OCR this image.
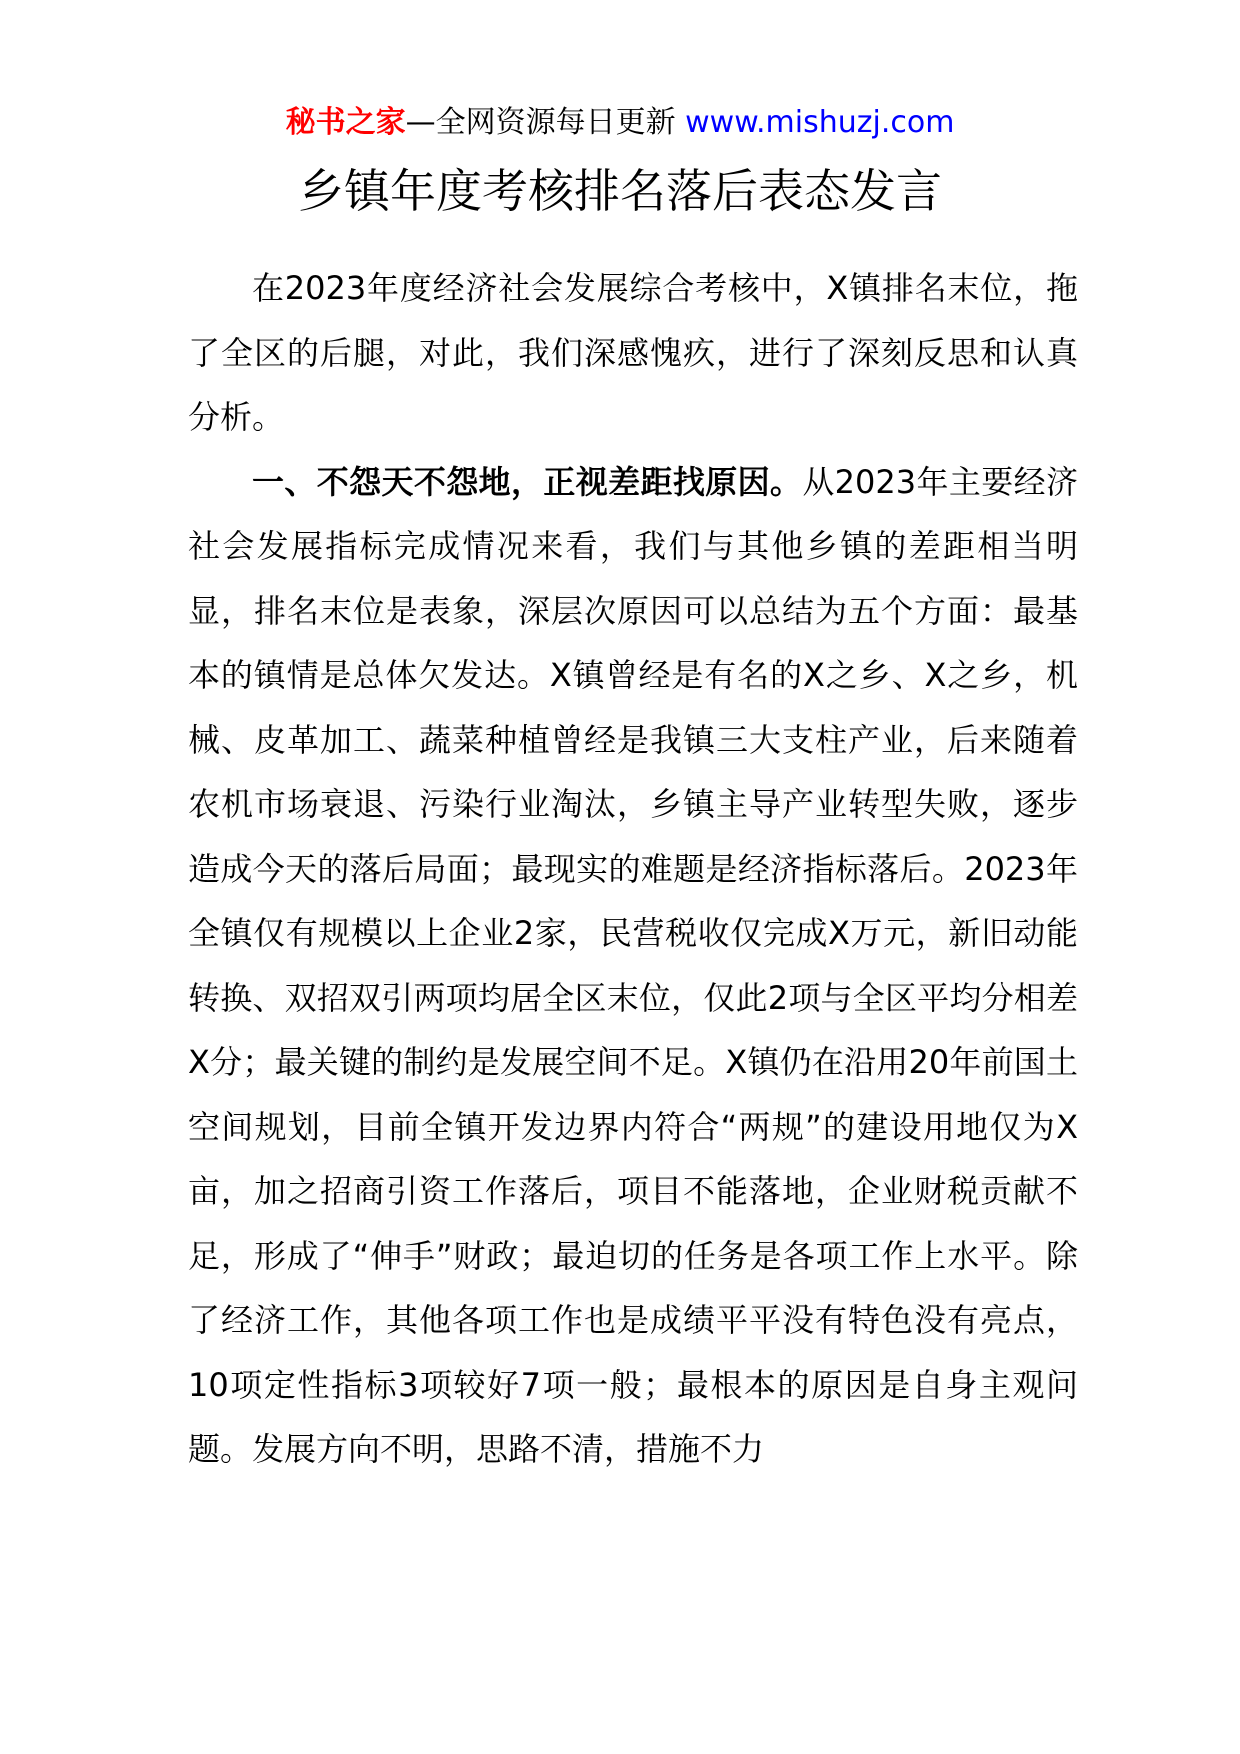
秘书之家—全网资源每日更新 www.mishuzj.com
乡镇年度考核排名落后表态发言

在2023年度经济社会发展综合考核中，X镇排名末位，拖了全区的后腿，对此，我们深感愧疚，进行了深刻反思和认真分析。

一、不怨天不怨地，正视差距找原因。从2023年主要经济社会发展指标完成情况来看，我们与其他乡镇的差距相当明显，排名末位是表象，深层次原因可以总结为五个方面：最基本的镇情是总体欠发达。X镇曾经是有名的X之乡、X之乡，机械、皮革加工、蔬菜种植曾经是我镇三大支柱产业，后来随着农机市场衰退、污染行业淘汰，乡镇主导产业转型失败，逐步造成今天的落后局面；最现实的难题是经济指标落后。2023年全镇仅有规模以上企业2家，民营税收仅完成X万元，新旧动能转换、双招双引两项均居全区末位，仅此2项与全区平均分相差X分；最关键的制约是发展空间不足。X镇仍在沿用20年前国土空间规划，目前全镇开发边界内符合“两规”的建设用地仅为X亩，加之招商引资工作落后，项目不能落地，企业财税贡献不足，形成了“伸手”财政；最迫切的任务是各项工作上水平。除了经济工作，其他各项工作也是成绩平平没有特色没有亮点，10项定性指标3项较好7项一般；最根本的原因是自身主观问题。发展方向不明，思路不清，措施不力
